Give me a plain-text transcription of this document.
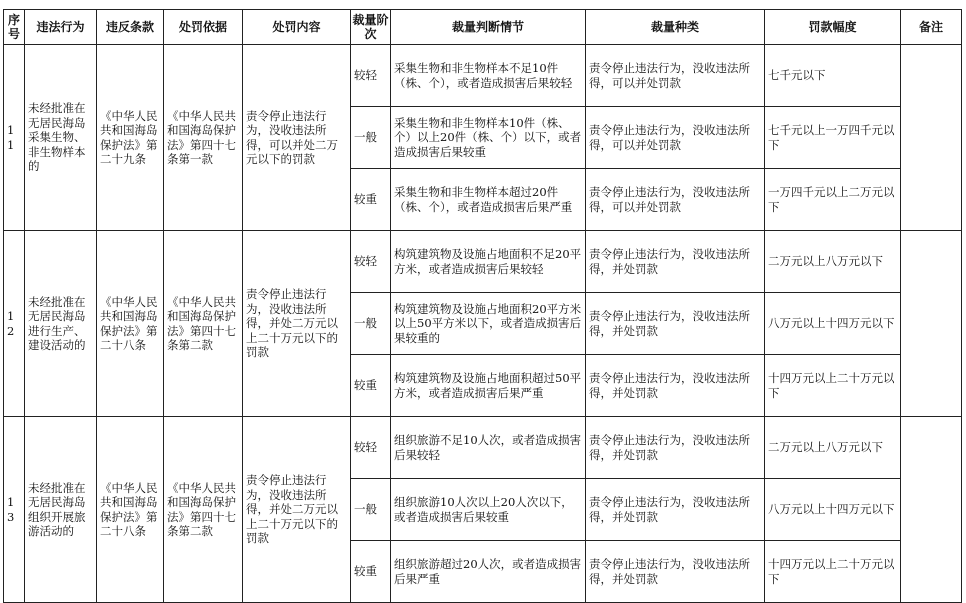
序号	违法行为	违反条款	处罚依据	处罚内容	裁量阶次	裁量判断情节	裁量种类	罚款幅度	备注
11	未经批准在无居民海岛采集生物、非生物样本的	《中华人民共和国海岛保护法》第二十九条	《中华人民共和国海岛保护法》第四十七条第一款	责令停止违法行为，没收违法所得，可以并处二万元以下的罚款	较轻	采集生物和非生物样本不足10件（株、个），或者造成损害后果较轻	责令停止违法行为，没收违法所得，可以并处罚款	七千元以下	
					一般	采集生物和非生物样本10件（株、个）以上20件（株、个）以下，或者造成损害后果较重	责令停止违法行为，没收违法所得，可以并处罚款	七千元以上一万四千元以下	
					较重	采集生物和非生物样本超过20件（株、个），或者造成损害后果严重	责令停止违法行为，没收违法所得，可以并处罚款	一万四千元以上二万元以下	
12	未经批准在无居民海岛进行生产、建设活动的	《中华人民共和国海岛保护法》第二十八条	《中华人民共和国海岛保护法》第四十七条第二款	责令停止违法行为，没收违法所得，并处二万元以上二十万元以下的罚款	较轻	构筑建筑物及设施占地面积不足20平方米，或者造成损害后果较轻	责令停止违法行为，没收违法所得，并处罚款	二万元以上八万元以下	
					一般	构筑建筑物及设施占地面积20平方米以上50平方米以下，或者造成损害后果较重的	责令停止违法行为，没收违法所得，并处罚款	八万元以上十四万元以下	
					较重	构筑建筑物及设施占地面积超过50平方米，或者造成损害后果严重	责令停止违法行为，没收违法所得，并处罚款	十四万元以上二十万元以下	
13	未经批准在无居民海岛组织开展旅游活动的	《中华人民共和国海岛保护法》第二十八条	《中华人民共和国海岛保护法》第四十七条第二款	责令停止违法行为，没收违法所得，并处二万元以上二十万元以下的罚款	较轻	组织旅游不足10人次，或者造成损害后果较轻	责令停止违法行为，没收违法所得，并处罚款	二万元以上八万元以下	
					一般	组织旅游10人次以上20人次以下，或者造成损害后果较重	责令停止违法行为，没收违法所得，并处罚款	八万元以上十四万元以下	
					较重	组织旅游超过20人次，或者造成损害后果严重	责令停止违法行为，没收违法所得，并处罚款	十四万元以上二十万元以下	
